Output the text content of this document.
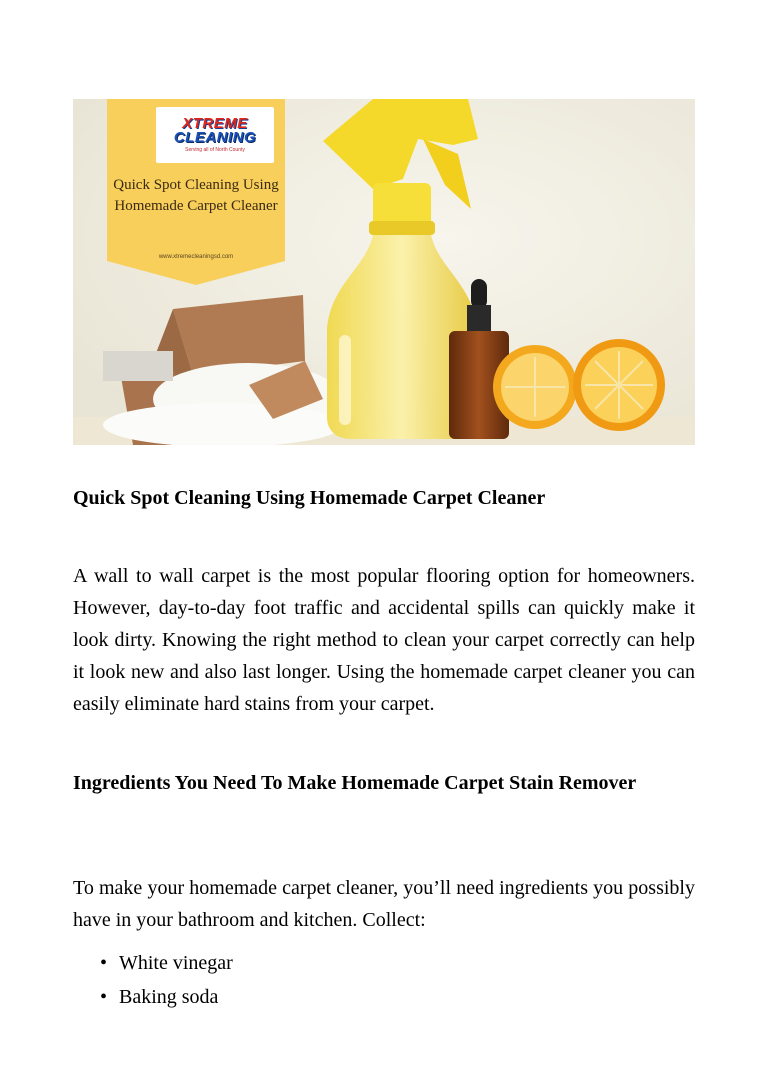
XTREME
CLEANING
Serving all of North County
Quick Spot Cleaning Using Homemade Carpet Cleaner
www.xtremecleaningsd.com
Quick Spot Cleaning Using Homemade Carpet Cleaner

A wall to wall carpet is the most popular flooring option for homeowners. However, day-to-day foot traffic and accidental spills can quickly make it look dirty. Knowing the right method to clean your carpet correctly can help it look new and also last longer. Using the homemade carpet cleaner you can easily eliminate hard stains from your carpet.

Ingredients You Need To Make Homemade Carpet Stain Remover

To make your homemade carpet cleaner, you’ll need ingredients you possibly have in your bathroom and kitchen. Collect:

• White vinegar
• Baking soda
